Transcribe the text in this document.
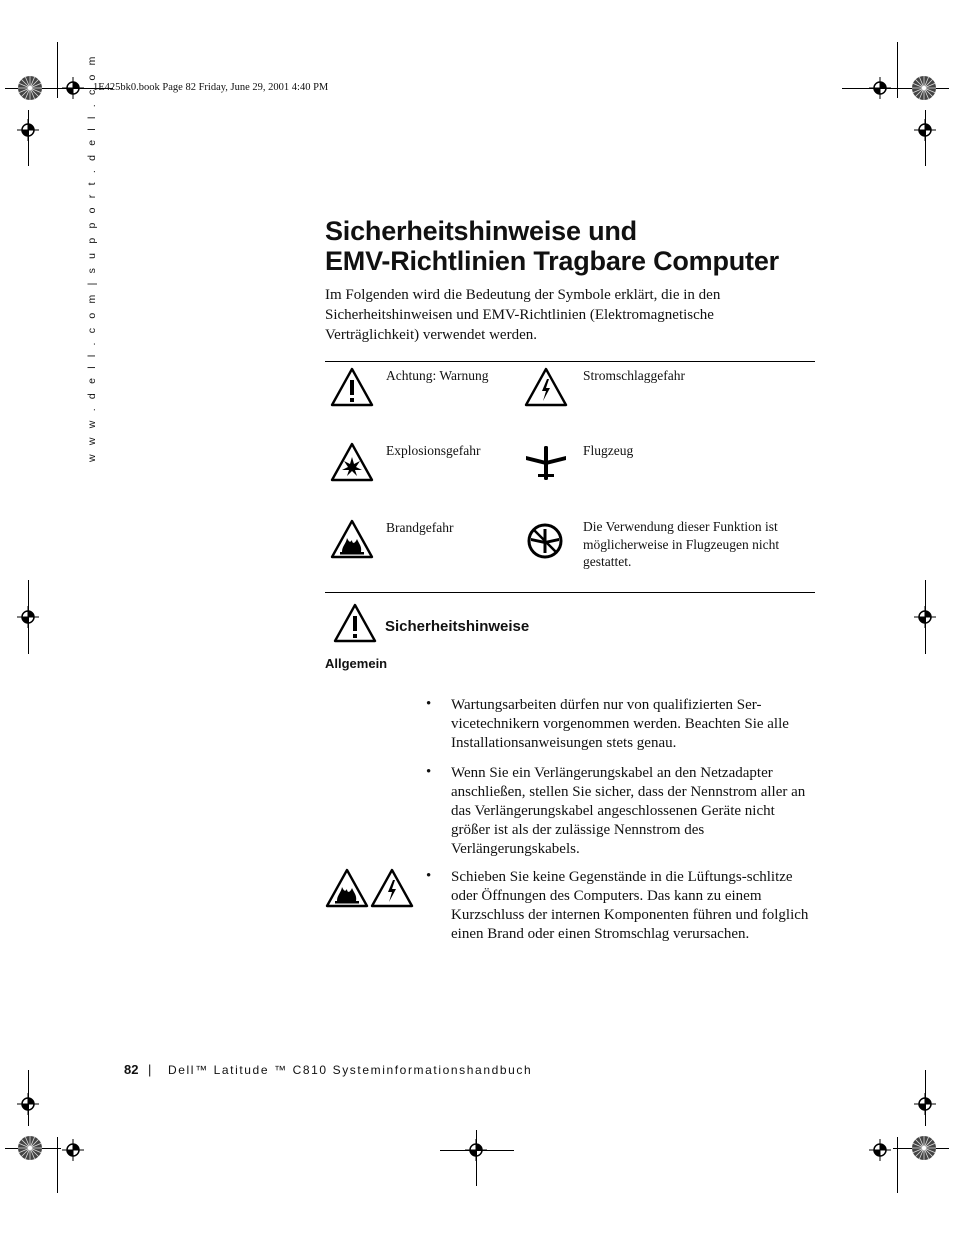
1E425bk0.book Page 82 Friday, June 29, 2001 4:40 PM
w w w . d e l l . c o m | s u p p o r t . d e l l . c o m	Sicherheitshinweise und
EMV-Richtlinien Tragbare Computer
Im Folgenden wird die Bedeutung der Symbole erklärt, die in den Sicherheitshinweisen und EMV-Richtlinien (Elektromagnetische Verträglichkeit) verwendet werden.
Achtung: Warnung	Stromschlaggefahr
Explosionsgefahr	Flugzeug
Brandgefahr	Die Verwendung dieser Funktion ist möglicherweise in Flugzeugen nicht gestattet.
Sicherheitshinweise
Allgemein
• Wartungsarbeiten dürfen nur von qualifizierten Ser-vicetechnikern vorgenommen werden. Beachten Sie alle Installationsanweisungen stets genau.
• Wenn Sie ein Verlängerungskabel an den Netzadapter anschließen, stellen Sie sicher, dass der Nennstrom aller an das Verlängerungskabel angeschlossenen Geräte nicht größer ist als der zulässige Nennstrom des Verlängerungskabels.
• Schieben Sie keine Gegenstände in die Lüftungs-schlitze oder Öffnungen des Computers. Das kann zu einem Kurzschluss der internen Komponenten führen und folglich einen Brand oder einen Stromschlag verursachen.
82 | Dell™ Latitude ™ C810 Systeminformationshandbuch
